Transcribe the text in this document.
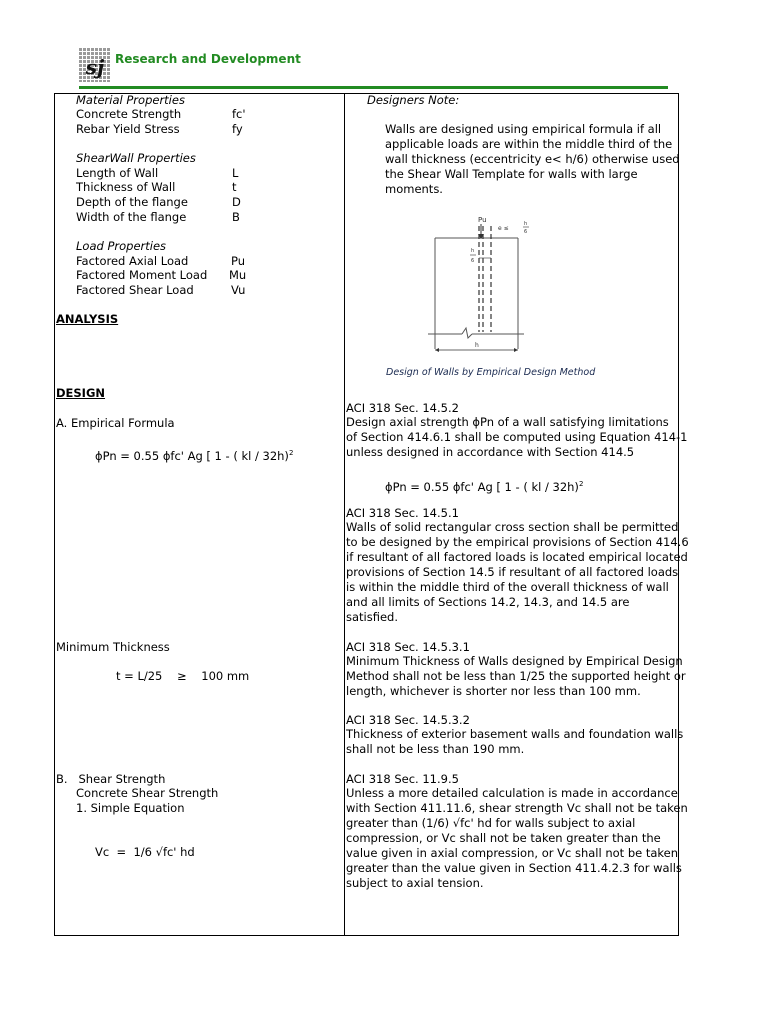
sj Research and Development
Material Properties
Concrete Strength	fc'
Rebar Yield Stress	fy
ShearWall Properties
Length of Wall	L
Thickness of Wall	t
Depth of the flange	D
Width of the flange	B
Load Properties
Factored Axial Load	Pu
Factored Moment Load Mu
Factored Shear Load	Vu
ANALYSIS
DESIGN
A. Empirical Formula
ɸPn = 0.55 ɸfc' Ag [ 1 - ( kl / 32h)$^2$
Minimum Thickness
t = L/25    ≥    100 mm
B.   Shear Strength
Concrete Shear Strength
1. Simple Equation
Vc  =  1/6 √fc' hd
Designers Note:
Walls are designed using empirical formula if all
applicable loads are within the middle third of the
wall thickness (eccentricity e< h/6) otherwise used
the Shear Wall Template for walls with large
moments.
Pu
e ≤
h
6
h
6
h
Design of Walls by Empirical Design Method
ACI 318 Sec. 14.5.2
Design axial strength ɸPn of a wall satisfying limitations
of Section 414.6.1 shall be computed using Equation 414-1
unless designed in accordance with Section 414.5
ɸPn = 0.55 ɸfc' Ag [ 1 - ( kl / 32h)$^2$
ACI 318 Sec. 14.5.1
Walls of solid rectangular cross section shall be permitted
to be designed by the empirical provisions of Section 414.6
if resultant of all factored loads is located empirical located
provisions of Section 14.5 if resultant of all factored loads
is within the middle third of the overall thickness of wall
and all limits of Sections 14.2, 14.3, and 14.5 are
satisfied.
ACI 318 Sec. 14.5.3.1
Minimum Thickness of Walls designed by Empirical Design
Method shall not be less than 1/25 the supported height or
length, whichever is shorter nor less than 100 mm.
ACI 318 Sec. 14.5.3.2
Thickness of exterior basement walls and foundation walls
shall not be less than 190 mm.
ACI 318 Sec. 11.9.5
Unless a more detailed calculation is made in accordance
with Section 411.11.6, shear strength Vc shall not be taken
greater than (1/6) √fc' hd for walls subject to axial
compression, or Vc shall not be taken greater than the
value given in axial compression, or Vc shall not be taken
greater than the value given in Section 411.4.2.3 for walls
subject to axial tension.
